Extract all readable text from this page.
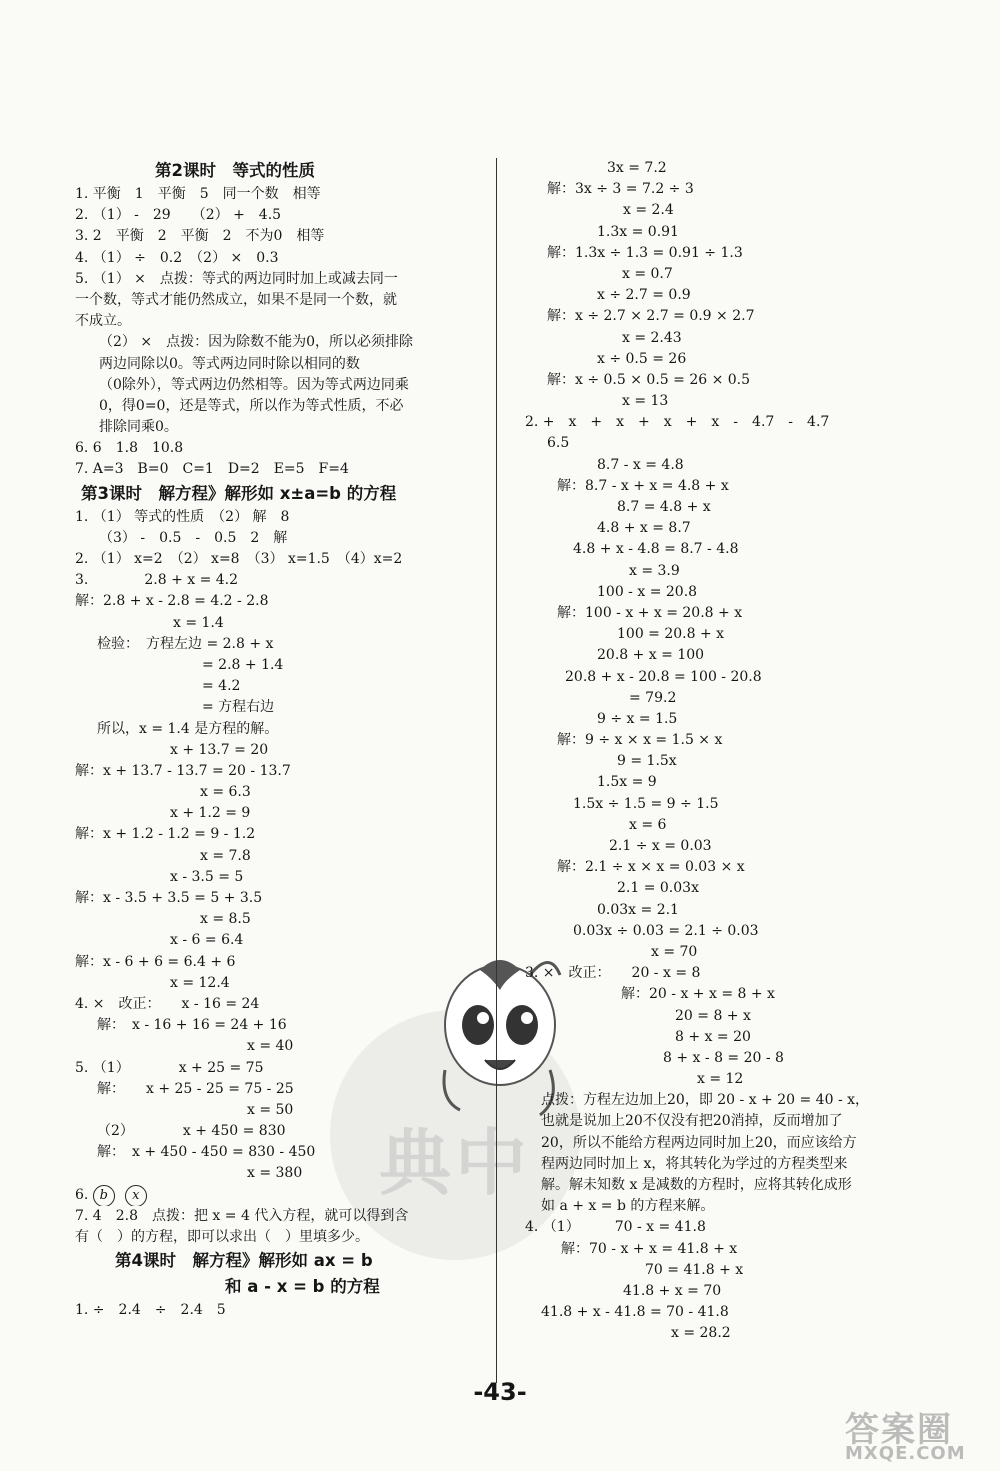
典中
第2课时　等式的性质
1. 平衡　1　平衡　5　同一个数　相等
2. （1） -　29　　（2） +　4.5
3. 2　平衡　2　平衡　2　不为0　相等
4. （1） ÷　0.2　（2） ×　0.3
5. （1） ×　点拨：等式的两边同时加上或减去同一
一个数，等式才能仍然成立，如果不是同一个数，就
不成立。
（2） ×　点拨：因为除数不能为0，所以必须排除
两边同除以0。等式两边同时除以相同的数
（0除外），等式两边仍然相等。因为等式两边同乘
0，得0=0，还是等式，所以作为等式性质，不必
排除同乘0。
6. 6　1.8　10.8
7. A=3　B=0　C=1　D=2　E=5　F=4
第3课时　解方程》解形如 x±a=b 的方程
1. （1） 等式的性质　（2） 解　8
（3） -　0.5　-　0.5　2　解
2. （1） x=2　（2） x=8　（3） x=1.5　（4）x=2
3.　　　　2.8 + x = 4.2
解：2.8 + x - 2.8 = 4.2 - 2.8
x = 1.4
检验：　方程左边 = 2.8 + x
= 2.8 + 1.4
= 4.2
= 方程右边
所以，x = 1.4 是方程的解。
x + 13.7 = 20
解：x + 13.7 - 13.7 = 20 - 13.7
x = 6.3
x + 1.2 = 9
解：x + 1.2 - 1.2 = 9 - 1.2
x = 7.8
x - 3.5 = 5
解：x - 3.5 + 3.5 = 5 + 3.5
x = 8.5
x - 6 = 6.4
解：x - 6 + 6 = 6.4 + 6
x = 12.4
4. ×　改正：　　x - 16 = 24
解：　x - 16 + 16 = 24 + 16
x = 40
5. （1）　　　　x + 25 = 75
解：　　x + 25 - 25 = 75 - 25
x = 50
（2）　　　　x + 450 = 830
解：　x + 450 - 450 = 830 - 450
x = 380
6. b x
7. 4　2.8　点拨：把 x = 4 代入方程，就可以得到含
有（　）的方程，即可以求出（　）里填多少。
第4课时　解方程》解形如 ax = b
和 a - x = b 的方程
1. ÷　2.4　÷　2.4　5
3x = 7.2
解：3x ÷ 3 = 7.2 ÷ 3
x = 2.4
1.3x = 0.91
解：1.3x ÷ 1.3 = 0.91 ÷ 1.3
x = 0.7
x ÷ 2.7 = 0.9
解：x ÷ 2.7 × 2.7 = 0.9 × 2.7
x = 2.43
x ÷ 0.5 = 26
解：x ÷ 0.5 × 0.5 = 26 × 0.5
x = 13
2. +　x　+　x　+　x　+　x　-　4.7　-　4.7
6.5
8.7 - x = 4.8
解：8.7 - x + x = 4.8 + x
8.7 = 4.8 + x
4.8 + x = 8.7
4.8 + x - 4.8 = 8.7 - 4.8
x = 3.9
100 - x = 20.8
解：100 - x + x = 20.8 + x
100 = 20.8 + x
20.8 + x = 100
20.8 + x - 20.8 = 100 - 20.8
= 79.2
9 ÷ x = 1.5
解：9 ÷ x × x = 1.5 × x
9 = 1.5x
1.5x = 9
1.5x ÷ 1.5 = 9 ÷ 1.5
x = 6
2.1 ÷ x = 0.03
解：2.1 ÷ x × x = 0.03 × x
2.1 = 0.03x
0.03x = 2.1
0.03x ÷ 0.03 = 2.1 ÷ 0.03
x = 70
3. ×　改正：　　20 - x = 8
解：20 - x + x = 8 + x
20 = 8 + x
8 + x = 20
8 + x - 8 = 20 - 8
x = 12
点拨：方程左边加上20，即 20 - x + 20 = 40 - x，
也就是说加上20不仅没有把20消掉，反而增加了
20，所以不能给方程两边同时加上20，而应该给方
程两边同时加上 x，将其转化为学过的方程类型来
解。解未知数 x 是减数的方程时，应将其转化成形
如 a + x = b 的方程来解。
4. （1）　　　70 - x = 41.8
解：70 - x + x = 41.8 + x
70 = 41.8 + x
41.8 + x = 70
41.8 + x - 41.8 = 70 - 41.8
x = 28.2
-43-
答案圈
MXQE.COM
